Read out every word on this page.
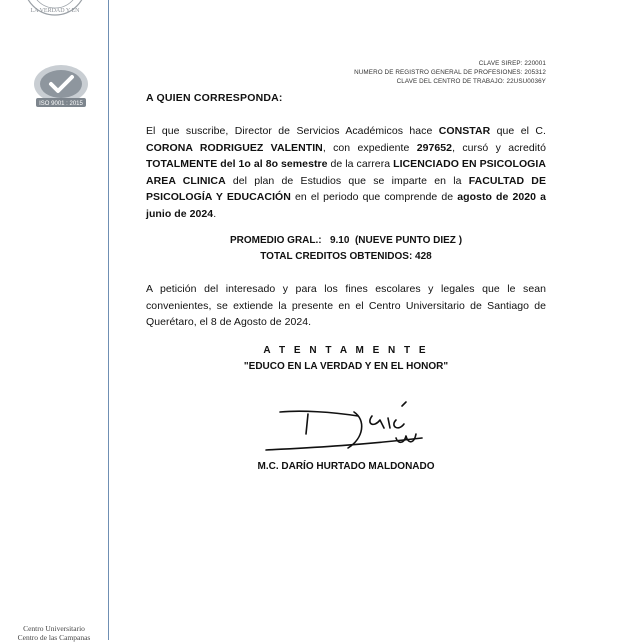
LA VERDAD Y EN
ISO 9001 : 2015
Centro Universitario
Centro de las Campanas
CLAVE SIREP: 220001
NUMERO DE REGISTRO GENERAL DE PROFESIONES: 205312
CLAVE DEL CENTRO DE TRABAJO: 22USU0036Y
A QUIEN CORRESPONDA:
El que suscribe, Director de Servicios Académicos hace CONSTAR que el C. CORONA RODRIGUEZ VALENTIN, con expediente 297652, cursó y acreditó TOTALMENTE del 1o al 8o semestre de la carrera LICENCIADO EN PSICOLOGIA AREA CLINICA del plan de Estudios que se imparte en la FACULTAD DE PSICOLOGÍA Y EDUCACIÓN en el periodo que comprende de agosto de 2020 a junio de 2024.
PROMEDIO GRAL.:   9.10  (NUEVE PUNTO DIEZ )
TOTAL CREDITOS OBTENIDOS: 428
A petición del interesado y para los fines escolares y legales que le sean convenientes, se extiende la presente en el Centro Universitario de Santiago de Querétaro, el 8 de Agosto de 2024.
A T E N T A M E N T E
"EDUCO EN LA VERDAD Y EN EL HONOR"
M.C. DARÍO HURTADO MALDONADO
